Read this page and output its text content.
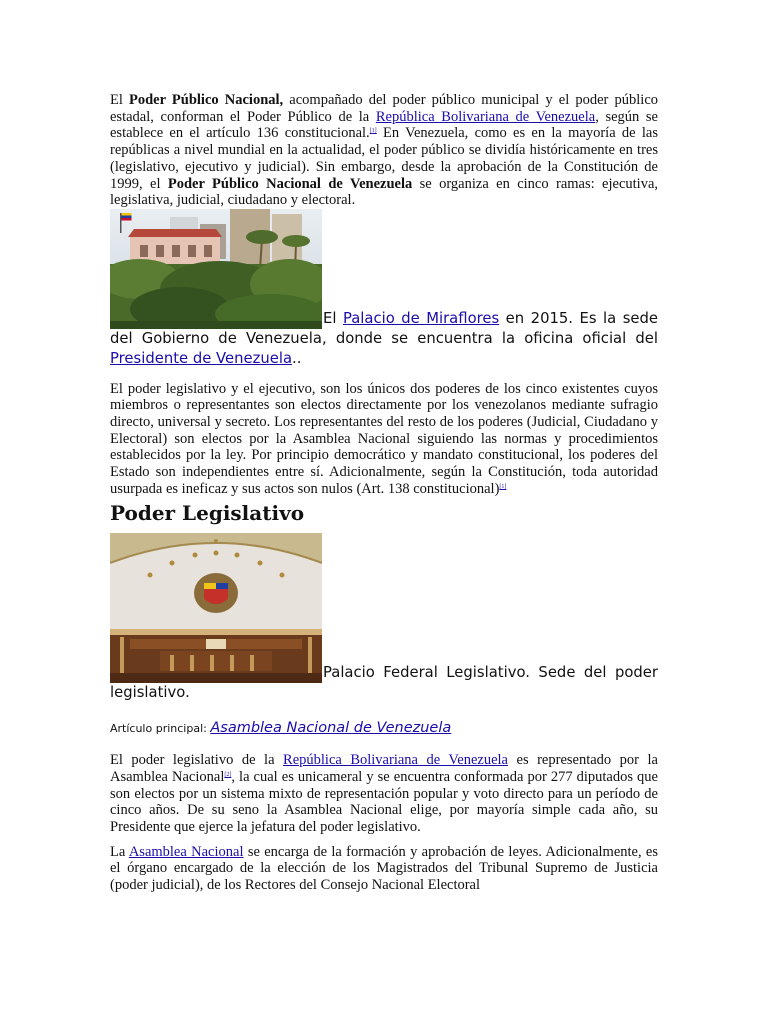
El Poder Público Nacional, acompañado del poder público municipal y el poder público estadal, conforman el Poder Público de la República Bolivariana de Venezuela, según se establece en el artículo 136 constitucional.[1] En Venezuela, como es en la mayoría de las repúblicas a nivel mundial en la actualidad, el poder público se dividía históricamente en tres (legislativo, ejecutivo y judicial). Sin embargo, desde la aprobación de la Constitución de 1999, el Poder Público Nacional de Venezuela se organiza en cinco ramas: ejecutiva, legislativa, judicial, ciudadano y electoral.

El Palacio de Miraflores en 2015. Es la sede del Gobierno de Venezuela, donde se encuentra la oficina oficial del Presidente de Venezuela..

El poder legislativo y el ejecutivo, son los únicos dos poderes de los cinco existentes cuyos miembros o representantes son electos directamente por los venezolanos mediante sufragio directo, universal y secreto. Los representantes del resto de los poderes (Judicial, Ciudadano y Electoral) son electos por la Asamblea Nacional siguiendo las normas y procedimientos establecidos por la ley. Por principio democrático y mandato constitucional, los poderes del Estado son independientes entre sí. Adicionalmente, según la Constitución, toda autoridad usurpada es ineficaz y sus actos son nulos (Art. 138 constitucional)[1]

Poder Legislativo
Palacio Federal Legislativo. Sede del poder legislativo.
Artículo principal: Asamblea Nacional de Venezuela

El poder legislativo de la República Bolivariana de Venezuela es representado por la Asamblea Nacional[2], la cual es unicameral y se encuentra conformada por 277 diputados que son electos por un sistema mixto de representación popular y voto directo para un período de cinco años. De su seno la Asamblea Nacional elige, por mayoría simple cada año, su Presidente que ejerce la jefatura del poder legislativo.

La Asamblea Nacional se encarga de la formación y aprobación de leyes. Adicionalmente, es el órgano encargado de la elección de los Magistrados del Tribunal Supremo de Justicia (poder judicial), de los Rectores del Consejo Nacional Electoral
